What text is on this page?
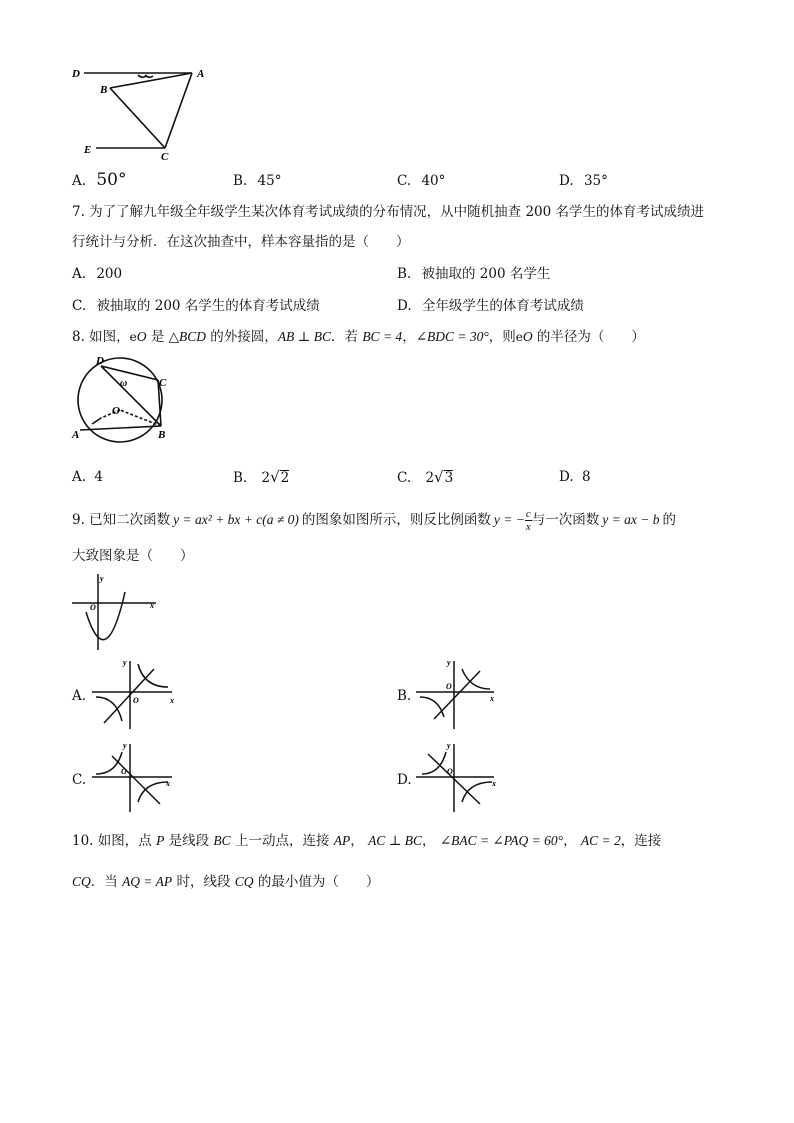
D	A
B
E
C
A. 50°	B. 45°	C. 40°	D. 35°
7. 为了了解九年级全年级学生某次体育考试成绩的分布情况，从中随机抽查 200 名学生的体育考试成绩进
行统计与分析．在这次抽查中，样本容量指的是（　　）
A. 200	B. 被抽取的 200 名学生
C. 被抽取的 200 名学生的体育考试成绩	D. 全年级学生的体育考试成绩
8. 如图，eO 是 △BCD 的外接圆，AB ⊥ BC．若 BC = 4，∠BDC = 30°，则eO 的半径为（　　）
D
C
O
A	B
ω
A. 4	B. 2√2	C. 2√3	D. 8
9. 已知二次函数 y = ax² + bx + c(a ≠ 0) 的图象如图所示，则反比例函数 y = − $\frac{c}{x}$ 与一次函数 y = ax − b 的
大致图象是（　　）
y
O	x
A.
y
O	x	B.
y
O
x
C.
y
O
x	D.
y
O
x
10. 如图，点 P 是线段 BC 上一动点，连接 AP， AC ⊥ BC， ∠BAC = ∠PAQ = 60°， AC = 2，连接
CQ．当 AQ = AP 时，线段 CQ 的最小值为（　　）
